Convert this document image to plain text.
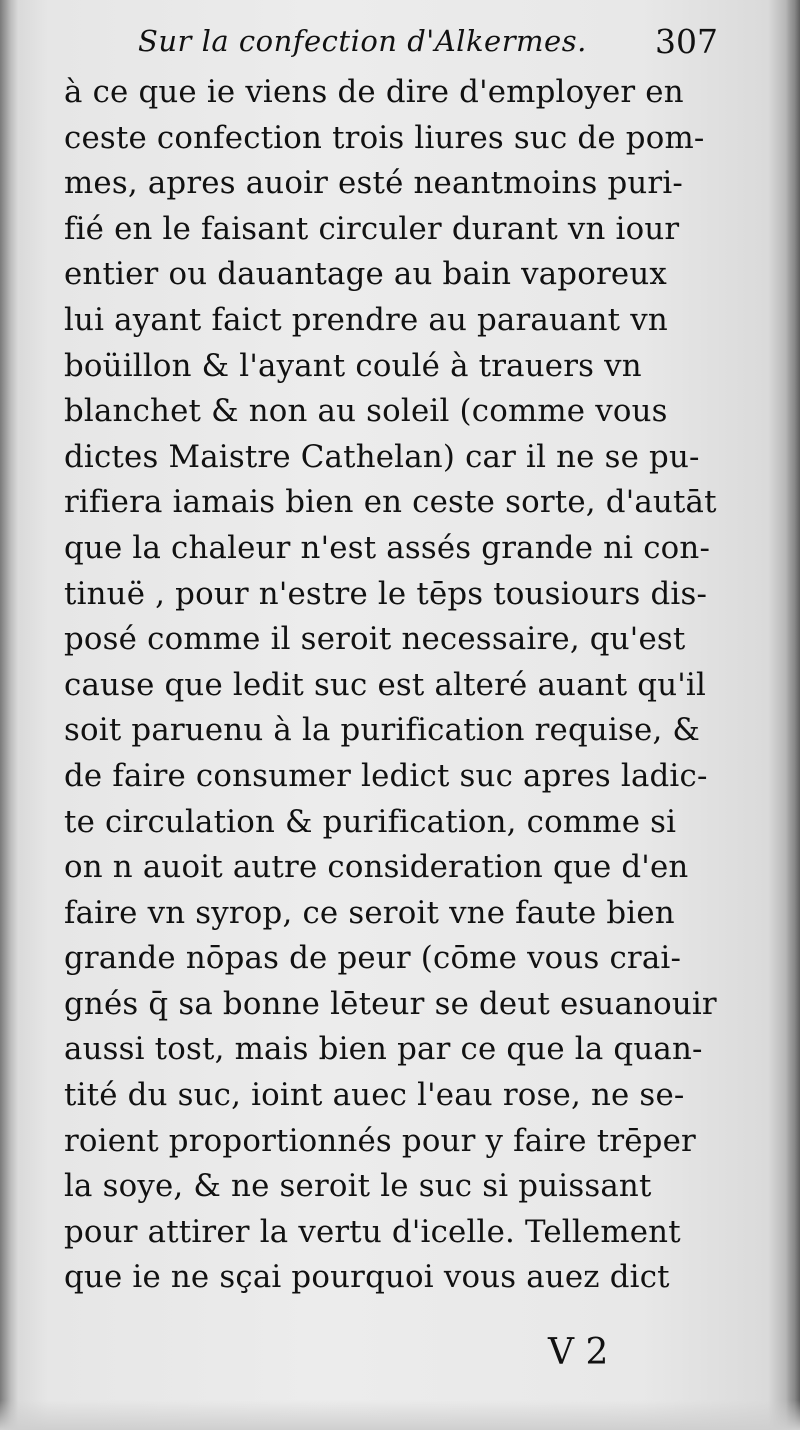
Sur la confection d'Alkermes. 307
à ce que ie viens de dire d'employer en
ceste confection trois liures suc de pom-
mes, apres auoir esté neantmoins puri-
fié en le faisant circuler durant vn iour
entier ou dauantage au bain vaporeux
lui ayant faict prendre au parauant vn
boüillon & l'ayant coulé à trauers vn
blanchet & non au soleil (comme vous
dictes Maistre Cathelan) car il ne se pu-
rifiera iamais bien en ceste sorte, d'autāt
que la chaleur n'est assés grande ni con-
tinuë , pour n'estre le tēps tousiours dis-
posé comme il seroit necessaire, qu'est
cause que ledit suc est alteré auant qu'il
soit paruenu à la purification requise, &
de faire consumer ledict suc apres ladic-
te circulation & purification, comme si
on n auoit autre consideration que d'en
faire vn syrop, ce seroit vne faute bien
grande nōpas de peur (cōme vous crai-
gnés q̄ sa bonne lēteur se deut esuanouir
aussi tost, mais bien par ce que la quan-
tité du suc, ioint auec l'eau rose, ne se-
roient proportionnés pour y faire trēper
la soye, & ne seroit le suc si puissant
pour attirer la vertu d'icelle. Tellement
que ie ne sçai pourquoi vous auez dict
V 2
